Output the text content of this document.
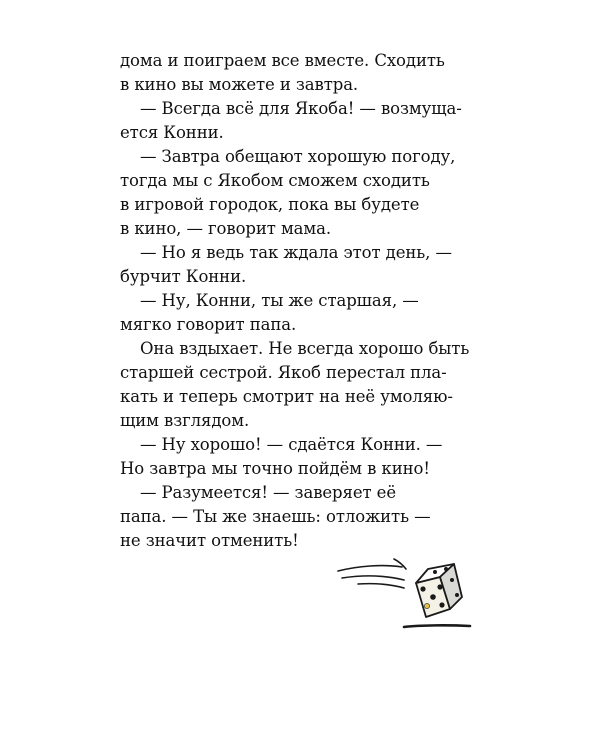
дома и поиграем все вместе. Сходить
в кино вы можете и завтра.
— Всегда всё для Якоба! — возмуща-
ется Конни.
— Завтра обещают хорошую погоду,
тогда мы с Якобом сможем сходить
в игровой городок, пока вы будете
в кино, — говорит мама.
— Но я ведь так ждала этот день, —
бурчит Конни.
— Ну, Конни, ты же старшая, —
мягко говорит папа.
Она вздыхает. Не всегда хорошо быть
старшей сестрой. Якоб перестал пла-
кать и теперь смотрит на неё умоляю-
щим взглядом.
— Ну хорошо! — сдаётся Конни. —
Но завтра мы точно пойдём в кино!
— Разумеется! — заверяет её
папа. — Ты же знаешь: отложить —
не значит отменить!
